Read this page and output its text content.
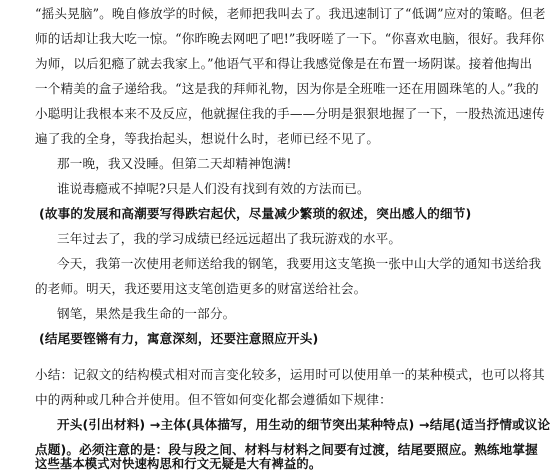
“摇头晃脑”。晚自修放学的时候，老师把我叫去了。我迅速制订了“低调”应对的策略。但老
师的话却让我大吃一惊。“你昨晚去网吧了吧!”我呀嗟了一下。“你喜欢电脑，很好。我拜你
为师，以后犯瘾了就去我家上。”他语气平和得让我感觉像是在布置一场阴谋。接着他掏出
一个精美的盒子递给我。“这是我的拜师礼物，因为你是全班唯一还在用圆珠笔的人。”我的
小聪明让我根本来不及反应，他就握住我的手——分明是狠狠地握了一下，一股热流迅速传
遍了我的全身，等我抬起头，想说什么时，老师已经不见了。
那一晚，我又没睡。但第二天却精神饱满!
谁说毒瘾戒不掉呢?只是人们没有找到有效的方法而已。
(故事的发展和高潮要写得跌宕起伏，尽量减少繁琐的叙述，突出感人的细节)
三年过去了，我的学习成绩已经远远超出了我玩游戏的水平。
今天，我第一次使用老师送给我的钢笔，我要用这支笔换一张中山大学的通知书送给我
的老师。明天，我还要用这支笔创造更多的财富送给社会。
钢笔，果然是我生命的一部分。
(结尾要铿锵有力，寓意深刻，还要注意照应开头)
小结：记叙文的结构模式相对而言变化较多，运用时可以使用单一的某种模式，也可以将其
中的两种或几种合并使用。但不管如何变化都会遵循如下规律：
开头(引出材料) →主体(具体描写，用生动的细节突出某种特点) →结尾(适当抒情或议论
点题)。必须注意的是：段与段之间、材料与材料之间要有过渡，结尾要照应。熟练地掌握
这些基本模式对快速构思和行文无疑是大有裨益的。
